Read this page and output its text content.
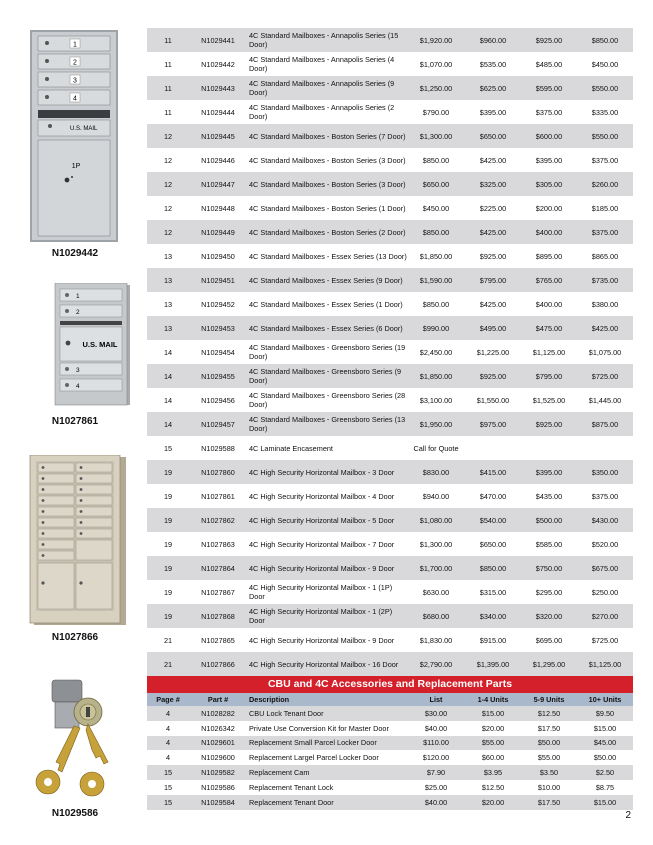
1
2
3
4
U.S. MAIL
1P
N1029442
1
2
U.S. MAIL
3
4
N1027861
N1027866
N1029586
11	N1029441	4C Standard Mailboxes - Annapolis Series (15 Door)	$1,920.00	$960.00	$925.00	$850.00
11	N1029442	4C Standard Mailboxes - Annapolis Series (4 Door)	$1,070.00	$535.00	$485.00	$450.00
11	N1029443	4C Standard Mailboxes - Annapolis Series (9 Door)	$1,250.00	$625.00	$595.00	$550.00
11	N1029444	4C Standard Mailboxes - Annapolis Series (2 Door)	$790.00	$395.00	$375.00	$335.00
12	N1029445	4C Standard Mailboxes - Boston Series (7 Door)	$1,300.00	$650.00	$600.00	$550.00
12	N1029446	4C Standard Mailboxes - Boston Series (3 Door)	$850.00	$425.00	$395.00	$375.00
12	N1029447	4C Standard Mailboxes - Boston Series (3 Door)	$650.00	$325.00	$305.00	$260.00
12	N1029448	4C Standard Mailboxes - Boston Series (1 Door)	$450.00	$225.00	$200.00	$185.00
12	N1029449	4C Standard Mailboxes - Boston Series (2 Door)	$850.00	$425.00	$400.00	$375.00
13	N1029450	4C Standard Mailboxes - Essex Series (13 Door)	$1,850.00	$925.00	$895.00	$865.00
13	N1029451	4C Standard Mailboxes - Essex Series (9 Door)	$1,590.00	$795.00	$765.00	$735.00
13	N1029452	4C Standard Mailboxes - Essex Series (1 Door)	$850.00	$425.00	$400.00	$380.00
13	N1029453	4C Standard Mailboxes - Essex Series (6 Door)	$990.00	$495.00	$475.00	$425.00
14	N1029454	4C Standard Mailboxes - Greensboro Series (19 Door)	$2,450.00	$1,225.00	$1,125.00	$1,075.00
14	N1029455	4C Standard Mailboxes - Greensboro Series (9 Door)	$1,850.00	$925.00	$795.00	$725.00
14	N1029456	4C Standard Mailboxes - Greensboro Series (28 Door)	$3,100.00	$1,550.00	$1,525.00	$1,445.00
14	N1029457	4C Standard Mailboxes - Greensboro Series (13 Door)	$1,950.00	$975.00	$925.00	$875.00
15	N1029588	4C Laminate Encasement	Call for Quote			
19	N1027860	4C High Security Horizontal Mailbox - 3 Door	$830.00	$415.00	$395.00	$350.00
19	N1027861	4C High Security Horizontal Mailbox - 4 Door	$940.00	$470.00	$435.00	$375.00
19	N1027862	4C High Security Horizontal Mailbox - 5 Door	$1,080.00	$540.00	$500.00	$430.00
19	N1027863	4C High Security Horizontal Mailbox - 7 Door	$1,300.00	$650.00	$585.00	$520.00
19	N1027864	4C High Security Horizontal Mailbox - 9 Door	$1,700.00	$850.00	$750.00	$675.00
19	N1027867	4C High Security Horizontal Mailbox - 1 (1P) Door	$630.00	$315.00	$295.00	$250.00
19	N1027868	4C High Security Horizontal Mailbox - 1 (2P) Door	$680.00	$340.00	$320.00	$270.00
21	N1027865	4C High Security Horizontal Mailbox - 9 Door	$1,830.00	$915.00	$695.00	$725.00
21	N1027866	4C High Security Horizontal Mailbox - 16 Door	$2,790.00	$1,395.00	$1,295.00	$1,125.00
CBU and 4C Accessories and Replacement Parts
Page #	Part #	Description	List	1-4 Units	5-9 Units	10+ Units
4	N1028282	CBU Lock Tenant Door	$30.00	$15.00	$12.50	$9.50
4	N1026342	Private Use Conversion Kit for Master Door	$40.00	$20.00	$17.50	$15.00
4	N1029601	Replacement Small Parcel Locker Door	$110.00	$55.00	$50.00	$45.00
4	N1029600	Replacement Largel Parcel Locker Door	$120.00	$60.00	$55.00	$50.00
15	N1029582	Replacement Cam	$7.90	$3.95	$3.50	$2.50
15	N1029586	Replacement Tenant Lock	$25.00	$12.50	$10.00	$8.75
15	N1029584	Replacement Tenant Door	$40.00	$20.00	$17.50	$15.00
2
